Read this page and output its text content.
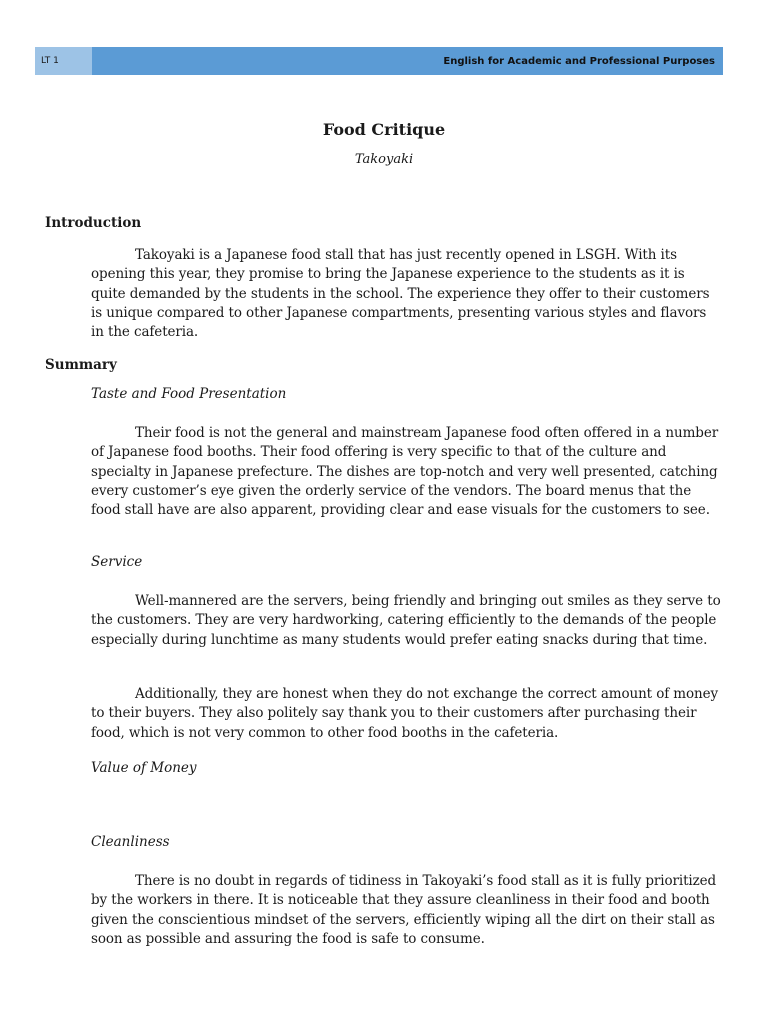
LT 1	English for Academic and Professional Purposes
Food Critique
Takoyaki
Introduction

Takoyaki is a Japanese food stall that has just recently opened in LSGH. With its opening this year, they promise to bring the Japanese experience to the students as it is quite demanded by the students in the school. The experience they offer to their customers is unique compared to other Japanese compartments, presenting various styles and flavors in the cafeteria.

Summary
Taste and Food Presentation

Their food is not the general and mainstream Japanese food often offered in a number of Japanese food booths. Their food offering is very specific to that of the culture and specialty in Japanese prefecture. The dishes are top-notch and very well presented, catching every customer’s eye given the orderly service of the vendors. The board menus that the food stall have are also apparent, providing clear and ease visuals for the customers to see.

Service

Well-mannered are the servers, being friendly and bringing out smiles as they serve to the customers. They are very hardworking, catering efficiently to the demands of the people especially during lunchtime as many students would prefer eating snacks during that time.

Additionally, they are honest when they do not exchange the correct amount of money to their buyers. They also politely say thank you to their customers after purchasing their food, which is not very common to other food booths in the cafeteria.

Value of Money
Cleanliness

There is no doubt in regards of tidiness in Takoyaki’s food stall as it is fully prioritized by the workers in there. It is noticeable that they assure cleanliness in their food and booth given the conscientious mindset of the servers, efficiently wiping all the dirt on their stall as soon as possible and assuring the food is safe to consume.
